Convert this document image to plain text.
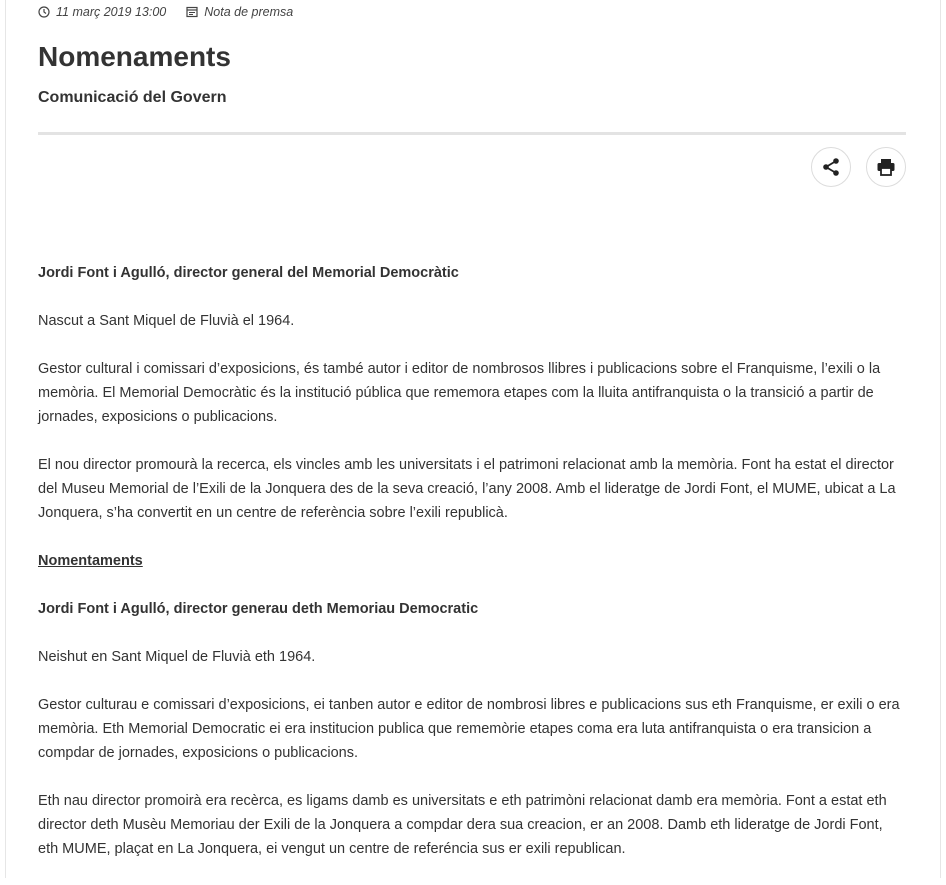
11 març 2019 13:00	Nota de premsa
Nomenaments
Comunicació del Govern

Jordi Font i Agulló, director general del Memorial Democràtic

Nascut a Sant Miquel de Fluvià el 1964.

Gestor cultural i comissari d’exposicions, és també autor i editor de nombrosos llibres i publicacions sobre el Franquisme, l’exili o la memòria. El Memorial Democràtic és la institució pública que rememora etapes com la lluita antifranquista o la transició a partir de jornades, exposicions o publicacions.

El nou director promourà la recerca, els vincles amb les universitats i el patrimoni relacionat amb la memòria. Font ha estat el director del Museu Memorial de l’Exili de la Jonquera des de la seva creació, l’any 2008. Amb el lideratge de Jordi Font, el MUME, ubicat a La Jonquera, s’ha convertit en un centre de referència sobre l’exili republicà.

Nomentaments

Jordi Font i Agulló, director generau deth Memoriau Democratic

Neishut en Sant Miquel de Fluvià eth 1964.

Gestor culturau e comissari d’exposicions, ei tanben autor e editor de nombrosi libres e publicacions sus eth Franquisme, er exili o era memòria. Eth Memorial Democratic ei era institucion publica que rememòrie etapes coma era luta antifranquista o era transicion a compdar de jornades, exposicions o publicacions.

Eth nau director promoirà era recèrca, es ligams damb es universitats e eth patrimòni relacionat damb era memòria. Font a estat eth director deth Musèu Memoriau der Exili de la Jonquera a compdar dera sua creacion, er an 2008. Damb eth lideratge de Jordi Font, eth MUME, plaçat en La Jonquera, ei vengut un centre de referéncia sus er exili republican.
